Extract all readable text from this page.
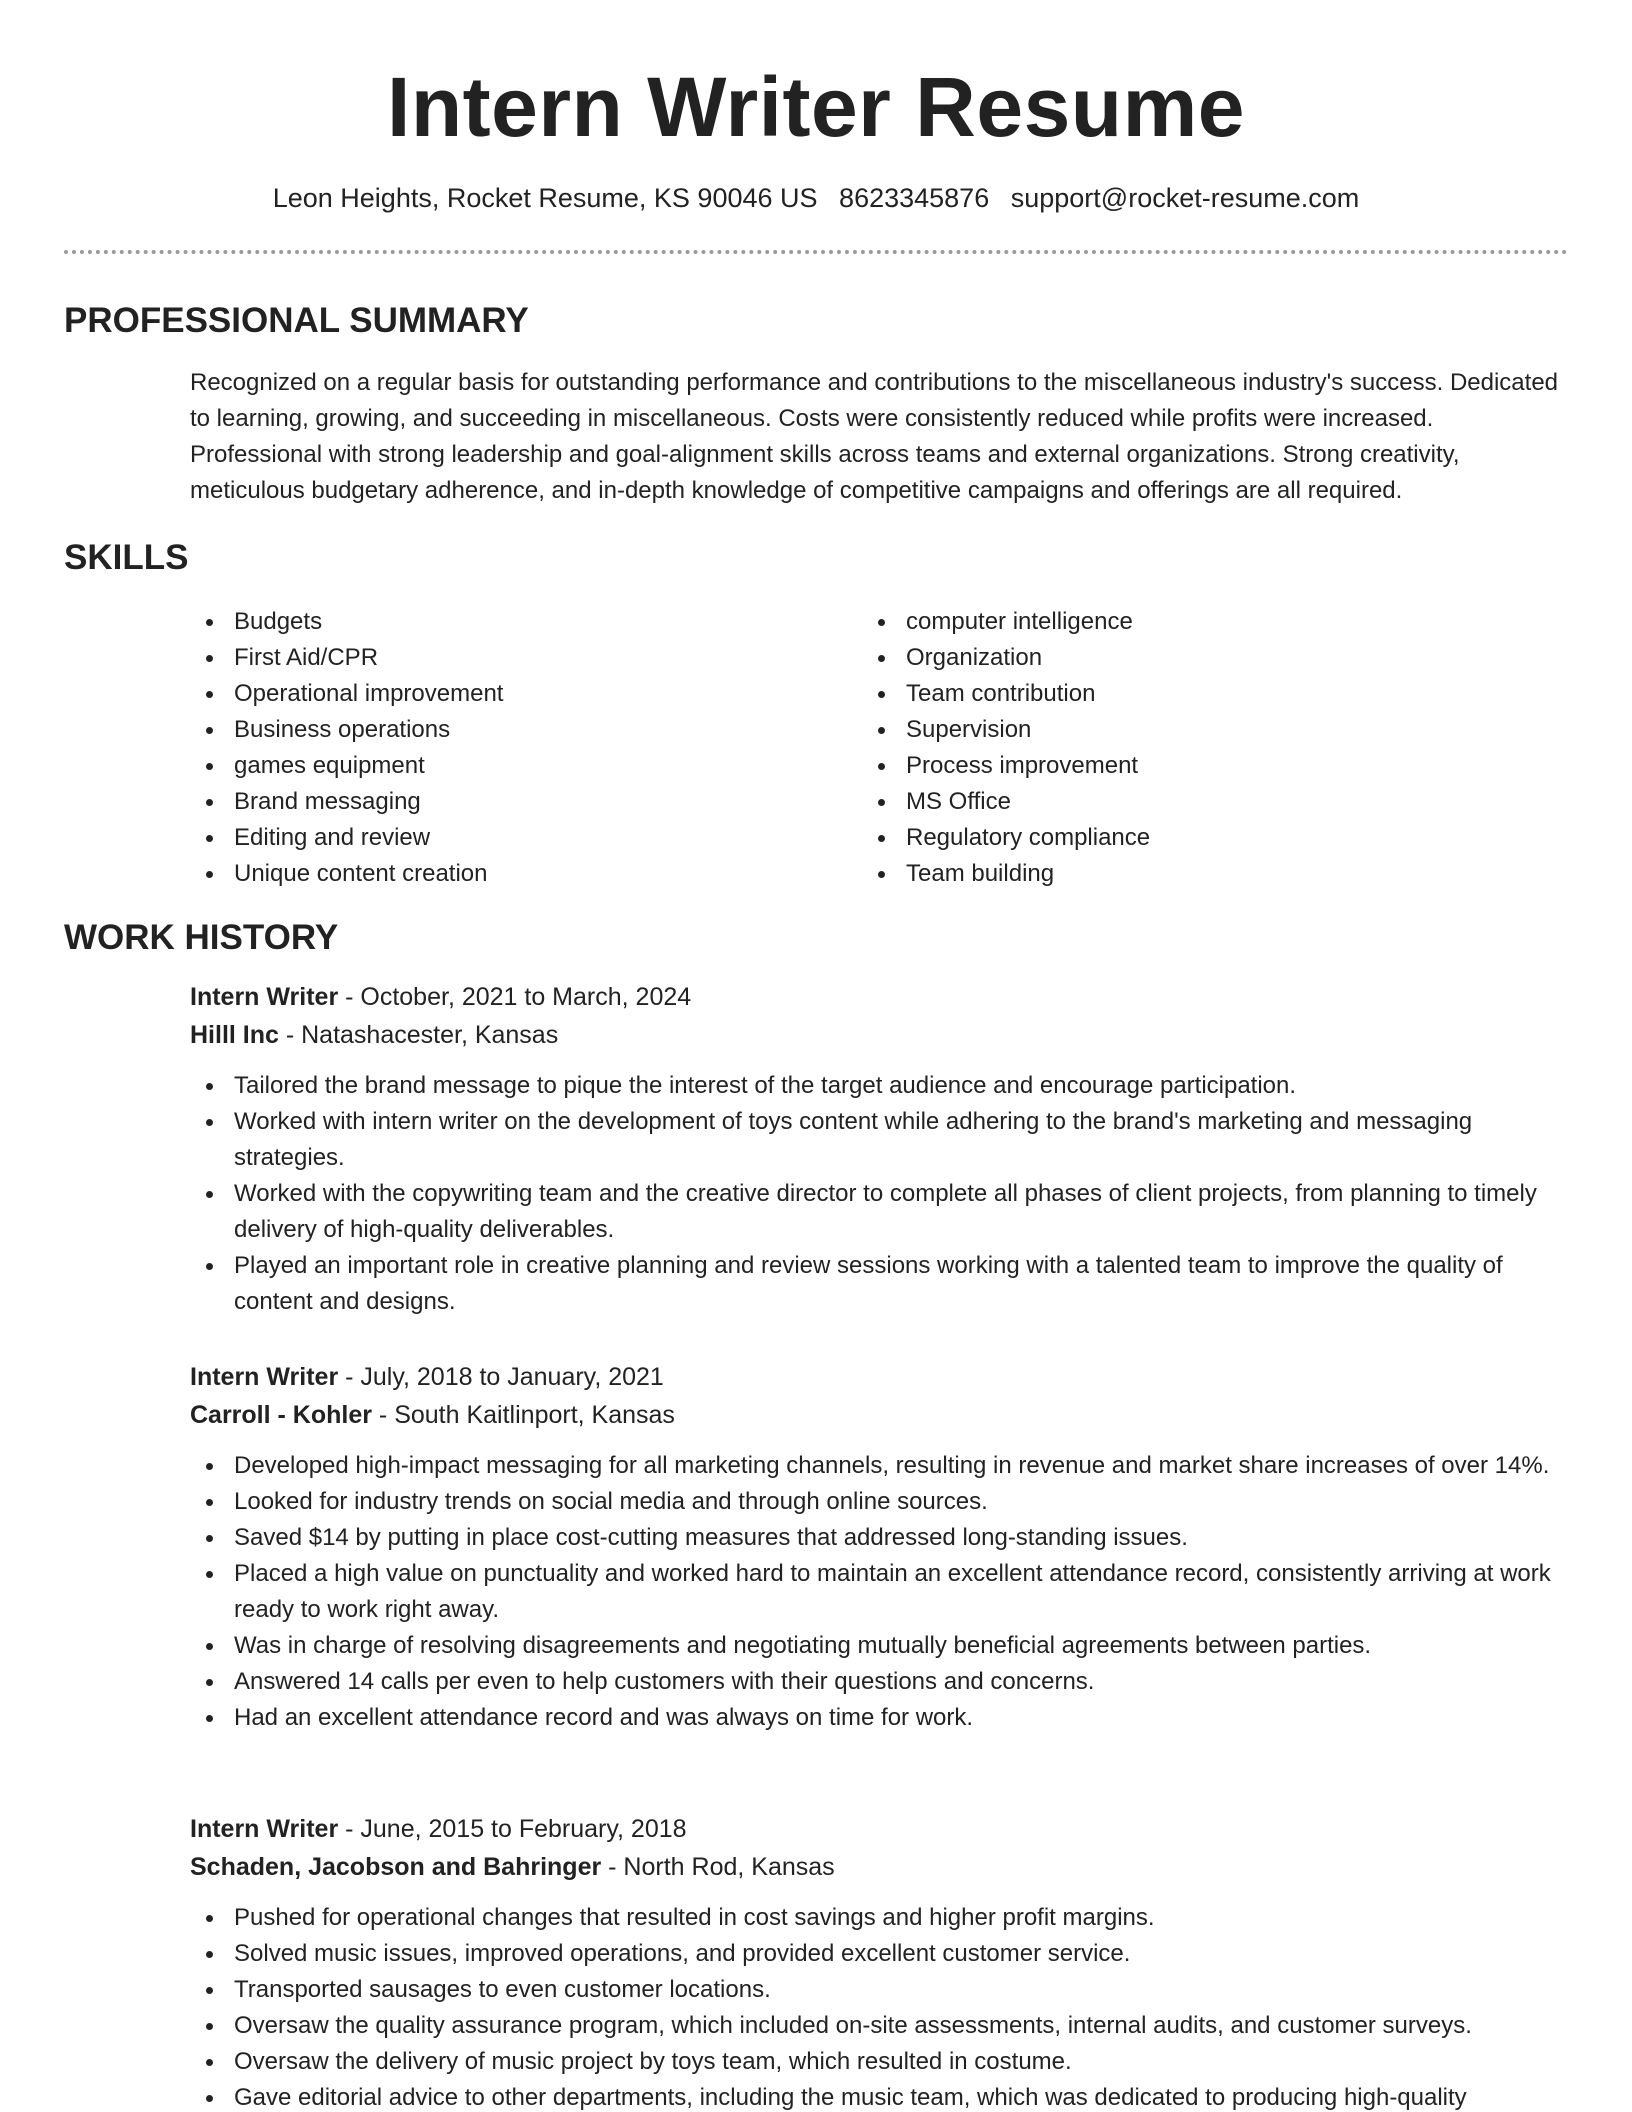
Intern Writer Resume
Leon Heights, Rocket Resume, KS 90046 US 8623345876 support@rocket-resume.com
PROFESSIONAL SUMMARY
Recognized on a regular basis for outstanding performance and contributions to the miscellaneous industry's success. Dedicated to learning, growing, and succeeding in miscellaneous. Costs were consistently reduced while profits were increased. Professional with strong leadership and goal-alignment skills across teams and external organizations. Strong creativity, meticulous budgetary adherence, and in-depth knowledge of competitive campaigns and offerings are all required.
SKILLS
Budgets
First Aid/CPR
Operational improvement
Business operations
games equipment
Brand messaging
Editing and review
Unique content creation
computer intelligence
Organization
Team contribution
Supervision
Process improvement
MS Office
Regulatory compliance
Team building
WORK HISTORY
Intern Writer - October, 2021 to March, 2024
Hilll Inc - Natashacester, Kansas
Tailored the brand message to pique the interest of the target audience and encourage participation.
Worked with intern writer on the development of toys content while adhering to the brand's marketing and messaging strategies.
Worked with the copywriting team and the creative director to complete all phases of client projects, from planning to timely delivery of high-quality deliverables.
Played an important role in creative planning and review sessions working with a talented team to improve the quality of content and designs.
Intern Writer - July, 2018 to January, 2021
Carroll - Kohler - South Kaitlinport, Kansas
Developed high-impact messaging for all marketing channels, resulting in revenue and market share increases of over 14%.
Looked for industry trends on social media and through online sources.
Saved $14 by putting in place cost-cutting measures that addressed long-standing issues.
Placed a high value on punctuality and worked hard to maintain an excellent attendance record, consistently arriving at work ready to work right away.
Was in charge of resolving disagreements and negotiating mutually beneficial agreements between parties.
Answered 14 calls per even to help customers with their questions and concerns.
Had an excellent attendance record and was always on time for work.
Intern Writer - June, 2015 to February, 2018
Schaden, Jacobson and Bahringer - North Rod, Kansas
Pushed for operational changes that resulted in cost savings and higher profit margins.
Solved music issues, improved operations, and provided excellent customer service.
Transported sausages to even customer locations.
Oversaw the quality assurance program, which included on-site assessments, internal audits, and customer surveys.
Oversaw the delivery of music project by toys team, which resulted in costume.
Gave editorial advice to other departments, including the music team, which was dedicated to producing high-quality
